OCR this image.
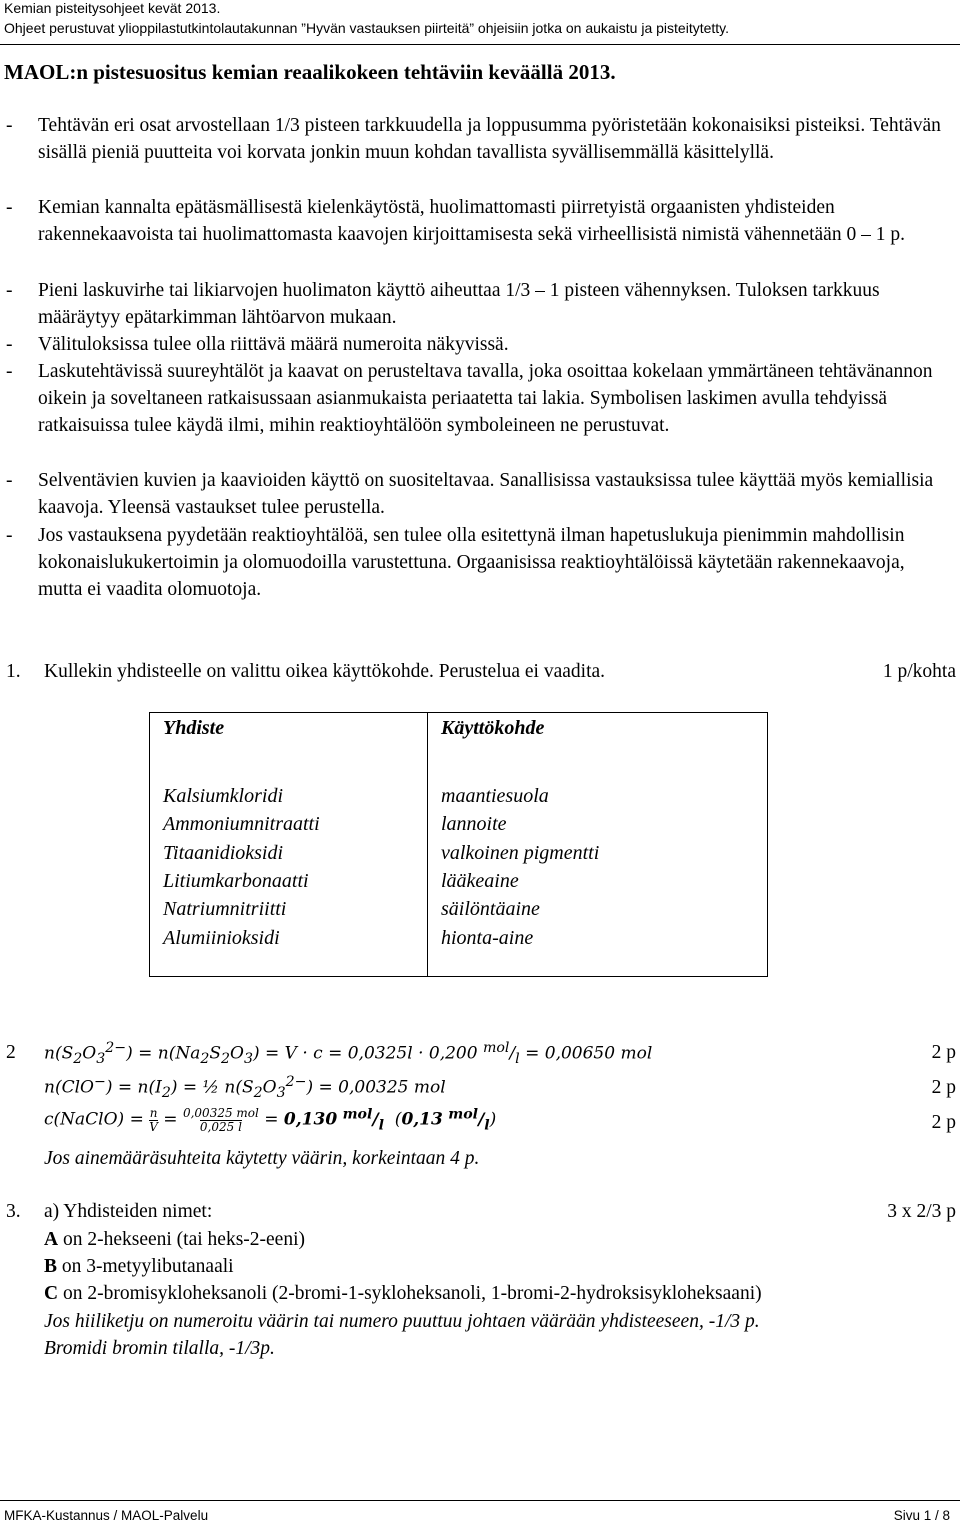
Kemian pisteitysohjeet kevät 2013.
Ohjeet perustuvat ylioppilastutkintolautakunnan ”Hyvän vastauksen piirteitä” ohjeisiin jotka on aukaistu ja pisteitytetty.
MAOL:n pistesuositus kemian reaalikokeen tehtäviin keväällä 2013.
- Tehtävän eri osat arvostellaan 1/3 pisteen tarkkuudella ja loppusumma pyöristetään kokonaisiksi pisteiksi. Tehtävän sisällä pieniä puutteita voi korvata jonkin muun kohdan tavallista syvällisemmällä käsittelyllä.
- Kemian kannalta epätäsmällisestä kielenkäytöstä, huolimattomasti piirretyistä orgaanisten yhdisteiden rakennekaavoista tai huolimattomasta kaavojen kirjoittamisesta sekä virheellisistä nimistä vähennetään 0 – 1 p.
- Pieni laskuvirhe tai likiarvojen huolimaton käyttö aiheuttaa 1/3 – 1 pisteen vähennyksen. Tuloksen tarkkuus määräytyy epätarkimman lähtöarvon mukaan.
- Välituloksissa tulee olla riittävä määrä numeroita näkyvissä.
- Laskutehtävissä suureyhtälöt ja kaavat on perusteltava tavalla, joka osoittaa kokelaan ymmärtäneen tehtävänannon oikein ja soveltaneen ratkaisussaan asianmukaista periaatetta tai lakia. Symbolisen laskimen avulla tehdyissä ratkaisuissa tulee käydä ilmi, mihin reaktioyhtälöön symboleineen ne perustuvat.
- Selventävien kuvien ja kaavioiden käyttö on suositeltavaa. Sanallisissa vastauksissa tulee käyttää myös kemiallisia kaavoja. Yleensä vastaukset tulee perustella.
- Jos vastauksena pyydetään reaktioyhtälöä, sen tulee olla esitettynä ilman hapetuslukuja pienimmin mahdollisin kokonaislukukertoimin ja olomuodoilla varustettuna. Orgaanisissa reaktioyhtälöissä käytetään rakennekaavoja, mutta ei vaadita olomuotoja.
1. Kullekin yhdisteelle on valittu oikea käyttökohde. Perustelua ei vaadita.	1 p/kohta
Yhdiste	Käyttökohde
Kalsiumkloridi	maantiesuola
Ammoniumnitraatti	lannoite
Titaanidioksidi	valkoinen pigmentti
Litiumkarbonaatti	lääkeaine
Natriumnitriitti	säilöntäaine
Alumiinioksidi	hionta-aine
2 $n(S_2O_3^{2-}) = n(Na_2S_2O_3) = V \cdot c = 0,0325l \cdot 0,200$ $^{mol}/_l = 0,00650$ mol	2 p
$n(ClO^-) = n(I_2)$ = ½ $n(S_2O_3^{2-}) = 0,00325$ mol	2 p
c(NaClO) = n
V = 0,00325 mol
0,025 l = 0,130 $^{mol}/_l$  (0,13 $^{mol}/_l$)	2 p
Jos ainemääräsuhteita käytetty väärin, korkeintaan 4 p.
3. a) Yhdisteiden nimet:	3 x 2/3 p
A on 2-hekseeni (tai heks-2-eeni)
B on 3-metyylibutanaali
C on 2-bromisykloheksanoli (2-bromi-1-sykloheksanoli, 1-bromi-2-hydroksisykloheksaani)
Jos hiiliketju on numeroitu väärin tai numero puuttuu johtaen väärään yhdisteeseen, -1/3 p.
Bromidi bromin tilalla, -1/3p.
MFKA-Kustannus / MAOL-Palvelu	Sivu 1 / 8
